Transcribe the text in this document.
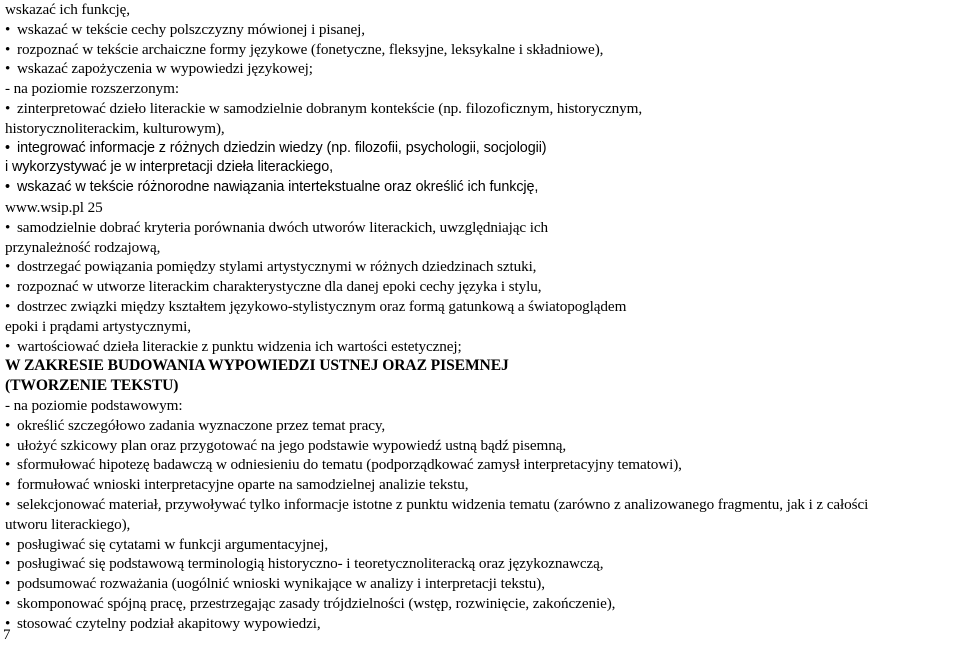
wskazać ich funkcję,
• wskazać w tekście cechy polszczyzny mówionej i pisanej,
• rozpoznać w tekście archaiczne formy językowe (fonetyczne, fleksyjne, leksykalne i składniowe),
• wskazać zapożyczenia w wypowiedzi językowej;
- na poziomie rozszerzonym:
• zinterpretować dzieło literackie w samodzielnie dobranym kontekście (np. filozoficznym, historycznym,
historycznoliterackim, kulturowym),
• integrować informacje z różnych dziedzin wiedzy (np. filozofii, psychologii, socjologii)
i wykorzystywać je w interpretacji dzieła literackiego,
• wskazać w tekście różnorodne nawiązania intertekstualne oraz określić ich funkcję,
www.wsip.pl 25
• samodzielnie dobrać kryteria porównania dwóch utworów literackich, uwzględniając ich
przynależność rodzajową,
• dostrzegać powiązania pomiędzy stylami artystycznymi w różnych dziedzinach sztuki,
• rozpoznać w utworze literackim charakterystyczne dla danej epoki cechy języka i stylu,
• dostrzec związki między kształtem językowo-stylistycznym oraz formą gatunkową a światopoglądem
epoki i prądami artystycznymi,
• wartościować dzieła literackie z punktu widzenia ich wartości estetycznej;
W ZAKRESIE BUDOWANIA WYPOWIEDZI USTNEJ ORAZ PISEMNEJ
(TWORZENIE TEKSTU)
- na poziomie podstawowym:
• określić szczegółowo zadania wyznaczone przez temat pracy,
• ułożyć szkicowy plan oraz przygotować na jego podstawie wypowiedź ustną bądź pisemną,
• sformułować hipotezę badawczą w odniesieniu do tematu (podporządkować zamysł interpretacyjny tematowi),
• formułować wnioski interpretacyjne oparte na samodzielnej analizie tekstu,
• selekcjonować materiał, przywoływać tylko informacje istotne z punktu widzenia tematu (zarówno z analizowanego fragmentu, jak i z całości
utworu literackiego),
• posługiwać się cytatami w funkcji argumentacyjnej,
• posługiwać się podstawową terminologią historyczno- i teoretycznoliteracką oraz językoznawczą,
• podsumować rozważania (uogólnić wnioski wynikające w analizy i interpretacji tekstu),
• skomponować spójną pracę, przestrzegając zasady trójdzielności (wstęp, rozwinięcie, zakończenie),
• stosować czytelny podział akapitowy wypowiedzi,
7
